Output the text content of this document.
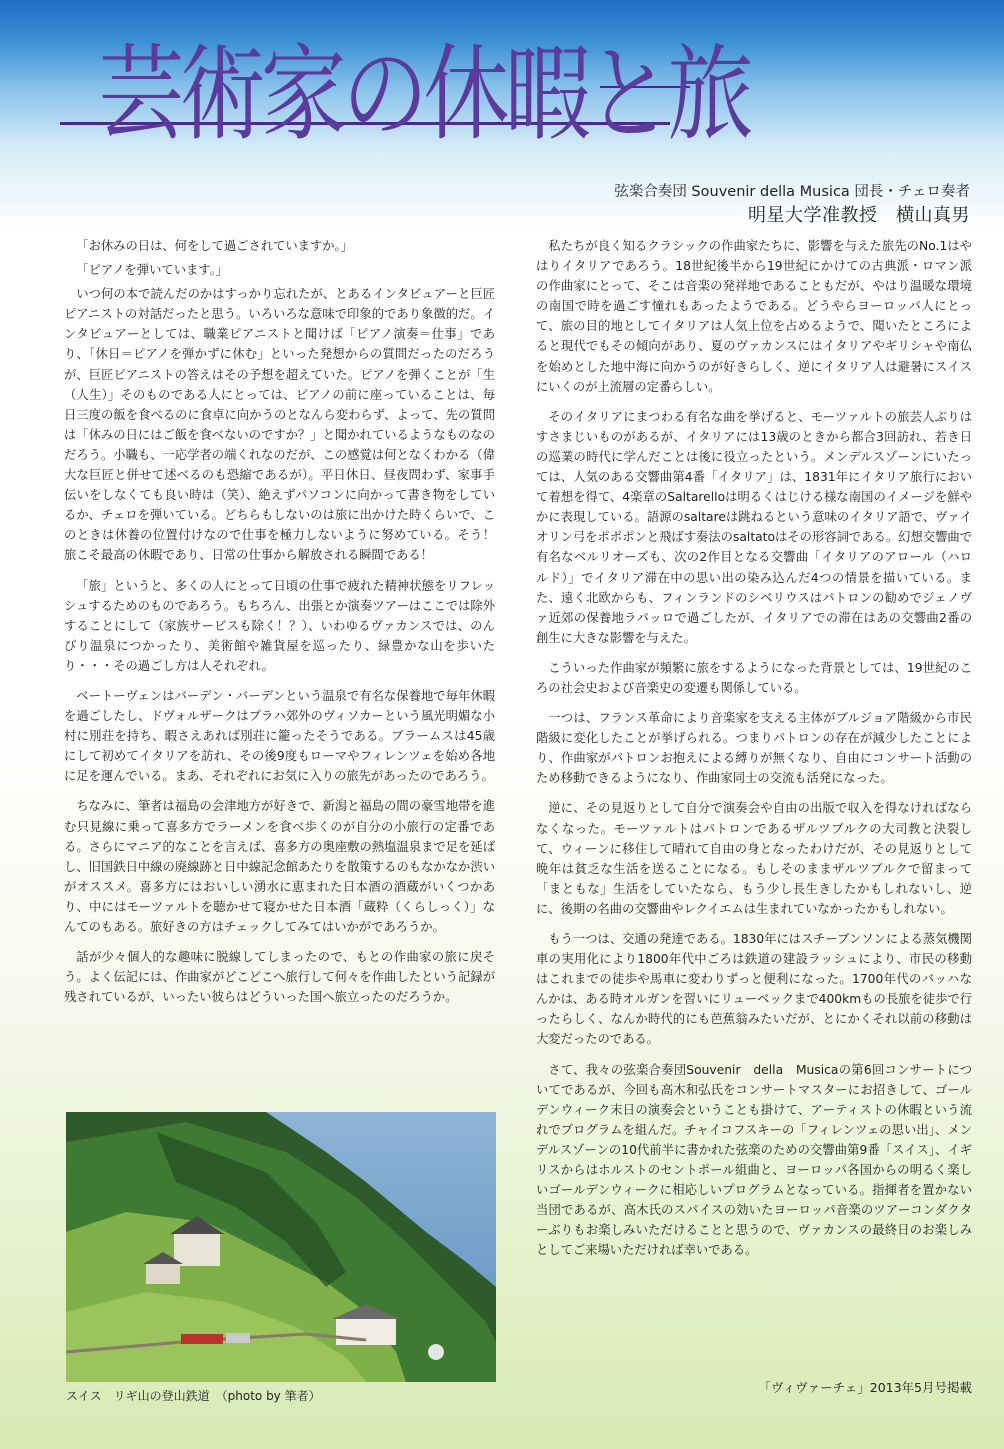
芸術家の休暇と旅
弦楽合奏団 Souvenir della Musica 団長・チェロ奏者
明星大学准教授　横山真男

「お休みの日は、何をして過ごされていますか。」

「ピアノを弾いています。」

いつ何の本で読んだのかはすっかり忘れたが、とあるインタビュアーと巨匠ピアニストの対話だったと思う。いろいろな意味で印象的であり象徴的だ。インタビュアーとしては、職業ピアニストと聞けば「ピアノ演奏＝仕事」であり、「休日＝ピアノを弾かずに休む」といった発想からの質問だったのだろうが、巨匠ピアニストの答えはその予想を超えていた。ピアノを弾くことが「生（人生）」そのものである人にとっては、ピアノの前に座っていることは、毎日三度の飯を食べるのに食卓に向かうのとなんら変わらず、よって、先の質問は「休みの日にはご飯を食べないのですか？」と聞かれているようなものなのだろう。小職も、一応学者の端くれなのだが、この感覚は何となくわかる（偉大な巨匠と併せて述べるのも恐縮であるが）。平日休日、昼夜問わず、家事手伝いをしなくても良い時は（笑）、絶えずパソコンに向かって書き物をしているか、チェロを弾いている。どちらもしないのは旅に出かけた時くらいで、このときは休養の位置付けなので仕事を極力しないように努めている。そう！ 旅こそ最高の休暇であり、日常の仕事から解放される瞬間である！

「旅」というと、多くの人にとって日頃の仕事で疲れた精神状態をリフレッシュするためのものであろう。もちろん、出張とか演奏ツアーはここでは除外することにして（家族サービスも除く！？）、いわゆるヴァカンスでは、のんびり温泉につかったり、美術館や雑貨屋を巡ったり、緑豊かな山を歩いたり・・・その過ごし方は人それぞれ。

ベートーヴェンはバーデン・バーデンという温泉で有名な保養地で毎年休暇を過ごしたし、ドヴォルザークはプラハ郊外のヴィソカーという風光明媚な小村に別荘を持ち、暇さえあれば別荘に籠ったそうである。ブラームスは45歳にして初めてイタリアを訪れ、その後9度もローマやフィレンツェを始め各地に足を運んでいる。まあ、それぞれにお気に入りの旅先があったのであろう。

ちなみに、筆者は福島の会津地方が好きで、新潟と福島の間の豪雪地帯を進む只見線に乗って喜多方でラーメンを食べ歩くのが自分の小旅行の定番である。さらにマニア的なことを言えば、喜多方の奥座敷の熱塩温泉まで足を延ばし、旧国鉄日中線の廃線跡と日中線記念館あたりを散策するのもなかなか渋いがオススメ。喜多方にはおいしい湧水に恵まれた日本酒の酒蔵がいくつかあり、中にはモーツァルトを聴かせて寝かせた日本酒「蔵粋（くらしっく）」なんてのもある。旅好きの方はチェックしてみてはいかがであろうか。

話が少々個人的な趣味に脱線してしまったので、もとの作曲家の旅に戻そう。よく伝記には、作曲家がどこどこへ旅行して何々を作曲したという記録が残されているが、いったい彼らはどういった国へ旅立ったのだろうか。

私たちが良く知るクラシックの作曲家たちに、影響を与えた旅先のNo.1はやはりイタリアであろう。18世紀後半から19世紀にかけての古典派・ロマン派の作曲家にとって、そこは音楽の発祥地であることもだが、やはり温暖な環境の南国で時を過ごす憧れもあったようである。どうやらヨーロッパ人にとって、旅の目的地としてイタリアは人気上位を占めるようで、聞いたところによると現代でもその傾向があり、夏のヴァカンスにはイタリアやギリシャや南仏を始めとした地中海に向かうのが好きらしく、逆にイタリア人は避暑にスイスにいくのが上流層の定番らしい。

そのイタリアにまつわる有名な曲を挙げると、モーツァルトの旅芸人ぶりはすさまじいものがあるが、イタリアには13歳のときから都合3回訪れ、若き日の巡業の時代に学んだことは後に役立ったという。メンデルスゾーンにいたっては、人気のある交響曲第4番「イタリア」は、1831年にイタリア旅行において着想を得て、4楽章のSaltarelloは明るくはじける様な南国のイメージを鮮やかに表現している。語源のsaltareは跳ねるという意味のイタリア語で、ヴァイオリン弓をポポポンと飛ばす奏法のsaltatoはその形容詞である。幻想交響曲で有名なベルリオーズも、次の2作目となる交響曲「イタリアのアロール（ハロルド）」でイタリア滞在中の思い出の染み込んだ4つの情景を描いている。また、遠く北欧からも、フィンランドのシベリウスはパトロンの勧めでジェノヴァ近郊の保養地ラパッロで過ごしたが、イタリアでの滞在はあの交響曲2番の創生に大きな影響を与えた。

こういった作曲家が頻繁に旅をするようになった背景としては、19世紀のころの社会史および音楽史の変遷も関係している。

一つは、フランス革命により音楽家を支える主体がブルジョア階級から市民階級に変化したことが挙げられる。つまりパトロンの存在が減少したことにより、作曲家がパトロンお抱えによる縛りが無くなり、自由にコンサート活動のため移動できるようになり、作曲家同士の交流も活発になった。

逆に、その見返りとして自分で演奏会や自由の出版で収入を得なければならなくなった。モーツァルトはパトロンであるザルツブルクの大司教と決裂して、ウィーンに移住して晴れて自由の身となったわけだが、その見返りとして晩年は貧乏な生活を送ることになる。もしそのままザルツブルクで留まって「まともな」生活をしていたなら、もう少し長生きしたかもしれないし、逆に、後期の名曲の交響曲やレクイエムは生まれていなかったかもしれない。

もう一つは、交通の発達である。1830年にはスチーブンソンによる蒸気機関車の実用化により1800年代中ごろは鉄道の建設ラッシュにより、市民の移動はこれまでの徒歩や馬車に変わりずっと便利になった。1700年代のバッハなんかは、ある時オルガンを習いにリューベックまで400kmもの長旅を徒歩で行ったらしく、なんか時代的にも芭蕉翁みたいだが、とにかくそれ以前の移動は大変だったのである。

さて、我々の弦楽合奏団Souvenir　della　Musicaの第6回コンサートについてであるが、今回も高木和弘氏をコンサートマスターにお招きして、ゴールデンウィーク末日の演奏会ということも掛けて、アーティストの休暇という流れでプログラムを組んだ。チャイコフスキーの「フィレンツェの思い出」、メンデルスゾーンの10代前半に書かれた弦楽のための交響曲第9番「スイス」、イギリスからはホルストのセントポール組曲と、ヨーロッパ各国からの明るく楽しいゴールデンウィークに相応しいプログラムとなっている。指揮者を置かない当団であるが、高木氏のスパイスの効いたヨーロッパ音楽のツアーコンダクターぶりもお楽しみいただけることと思うので、ヴァカンスの最終日のお楽しみとしてご来場いただければ幸いである。

スイス　リギ山の登山鉄道　（photo by 筆者）
「ヴィヴァーチェ」2013年5月号掲載
